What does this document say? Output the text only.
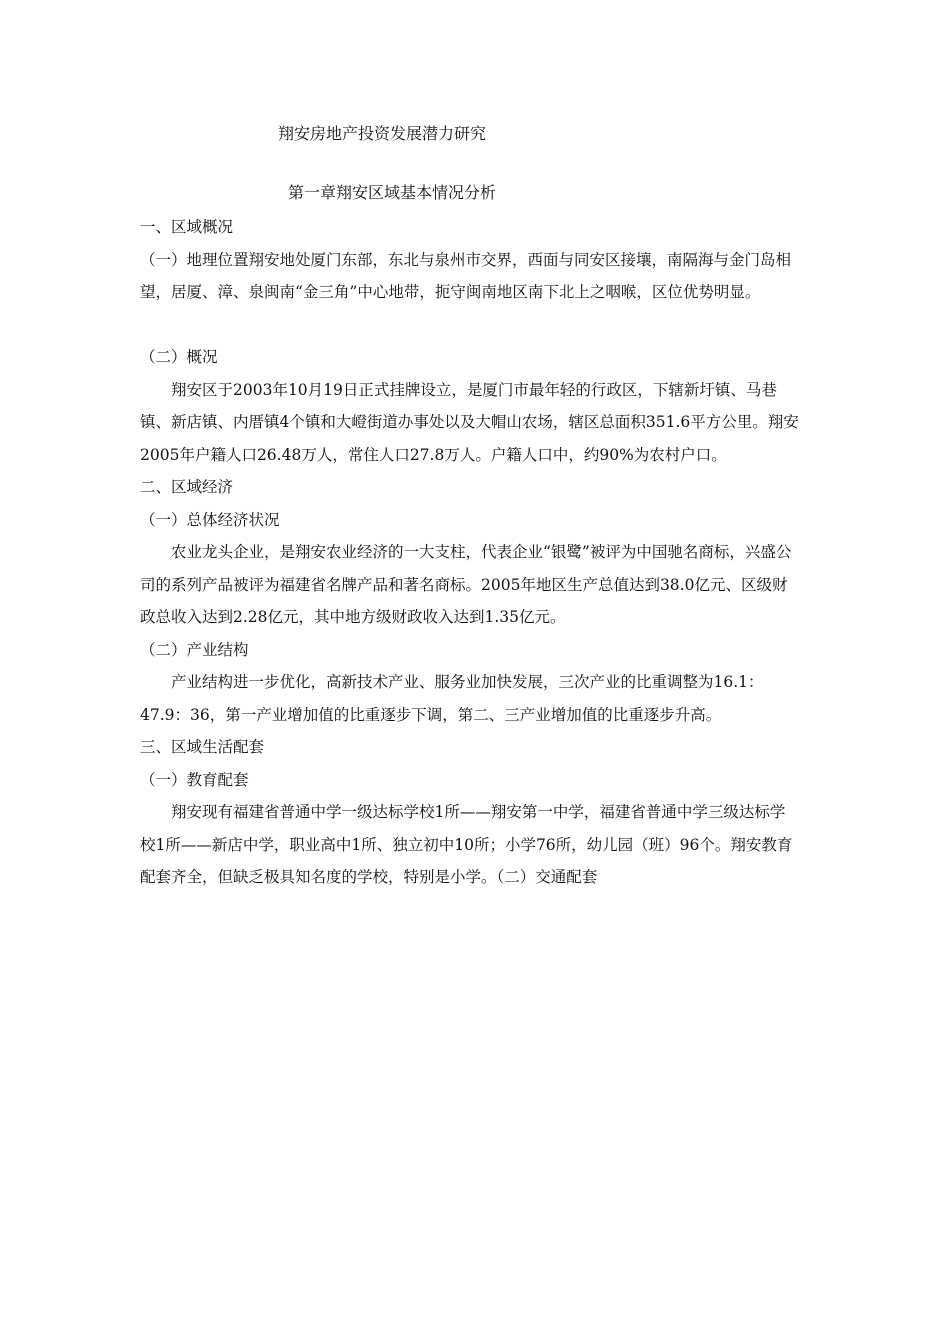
翔安房地产投资发展潜力研究
第一章翔安区域基本情况分析

一、区域概况

（一）地理位置翔安地处厦门东部，东北与泉州市交界，西面与同安区接壤，南隔海与金门岛相望，居厦、漳、泉闽南“金三角”中心地带，扼守闽南地区南下北上之咽喉，区位优势明显。

（二）概况

翔安区于2003年10月19日正式挂牌设立，是厦门市最年轻的行政区，下辖新圩镇、马巷镇、新店镇、内厝镇4个镇和大嶝街道办事处以及大帽山农场，辖区总面积351.6平方公里。翔安2005年户籍人口26.48万人，常住人口27.8万人。户籍人口中，约90%为农村户口。

二、区域经济

（一）总体经济状况

农业龙头企业，是翔安农业经济的一大支柱，代表企业“银鹭”被评为中国驰名商标，兴盛公司的系列产品被评为福建省名牌产品和著名商标。2005年地区生产总值达到38.0亿元、区级财政总收入达到2.28亿元，其中地方级财政收入达到1.35亿元。

（二）产业结构

产业结构进一步优化，高新技术产业、服务业加快发展，三次产业的比重调整为16.1：47.9：36，第一产业增加值的比重逐步下调，第二、三产业增加值的比重逐步升高。

三、区域生活配套

（一）教育配套

翔安现有福建省普通中学一级达标学校1所——翔安第一中学，福建省普通中学三级达标学校1所——新店中学，职业高中1所、独立初中10所；小学76所，幼儿园（班）96个。翔安教育配套齐全，但缺乏极具知名度的学校，特别是小学。（二）交通配套
